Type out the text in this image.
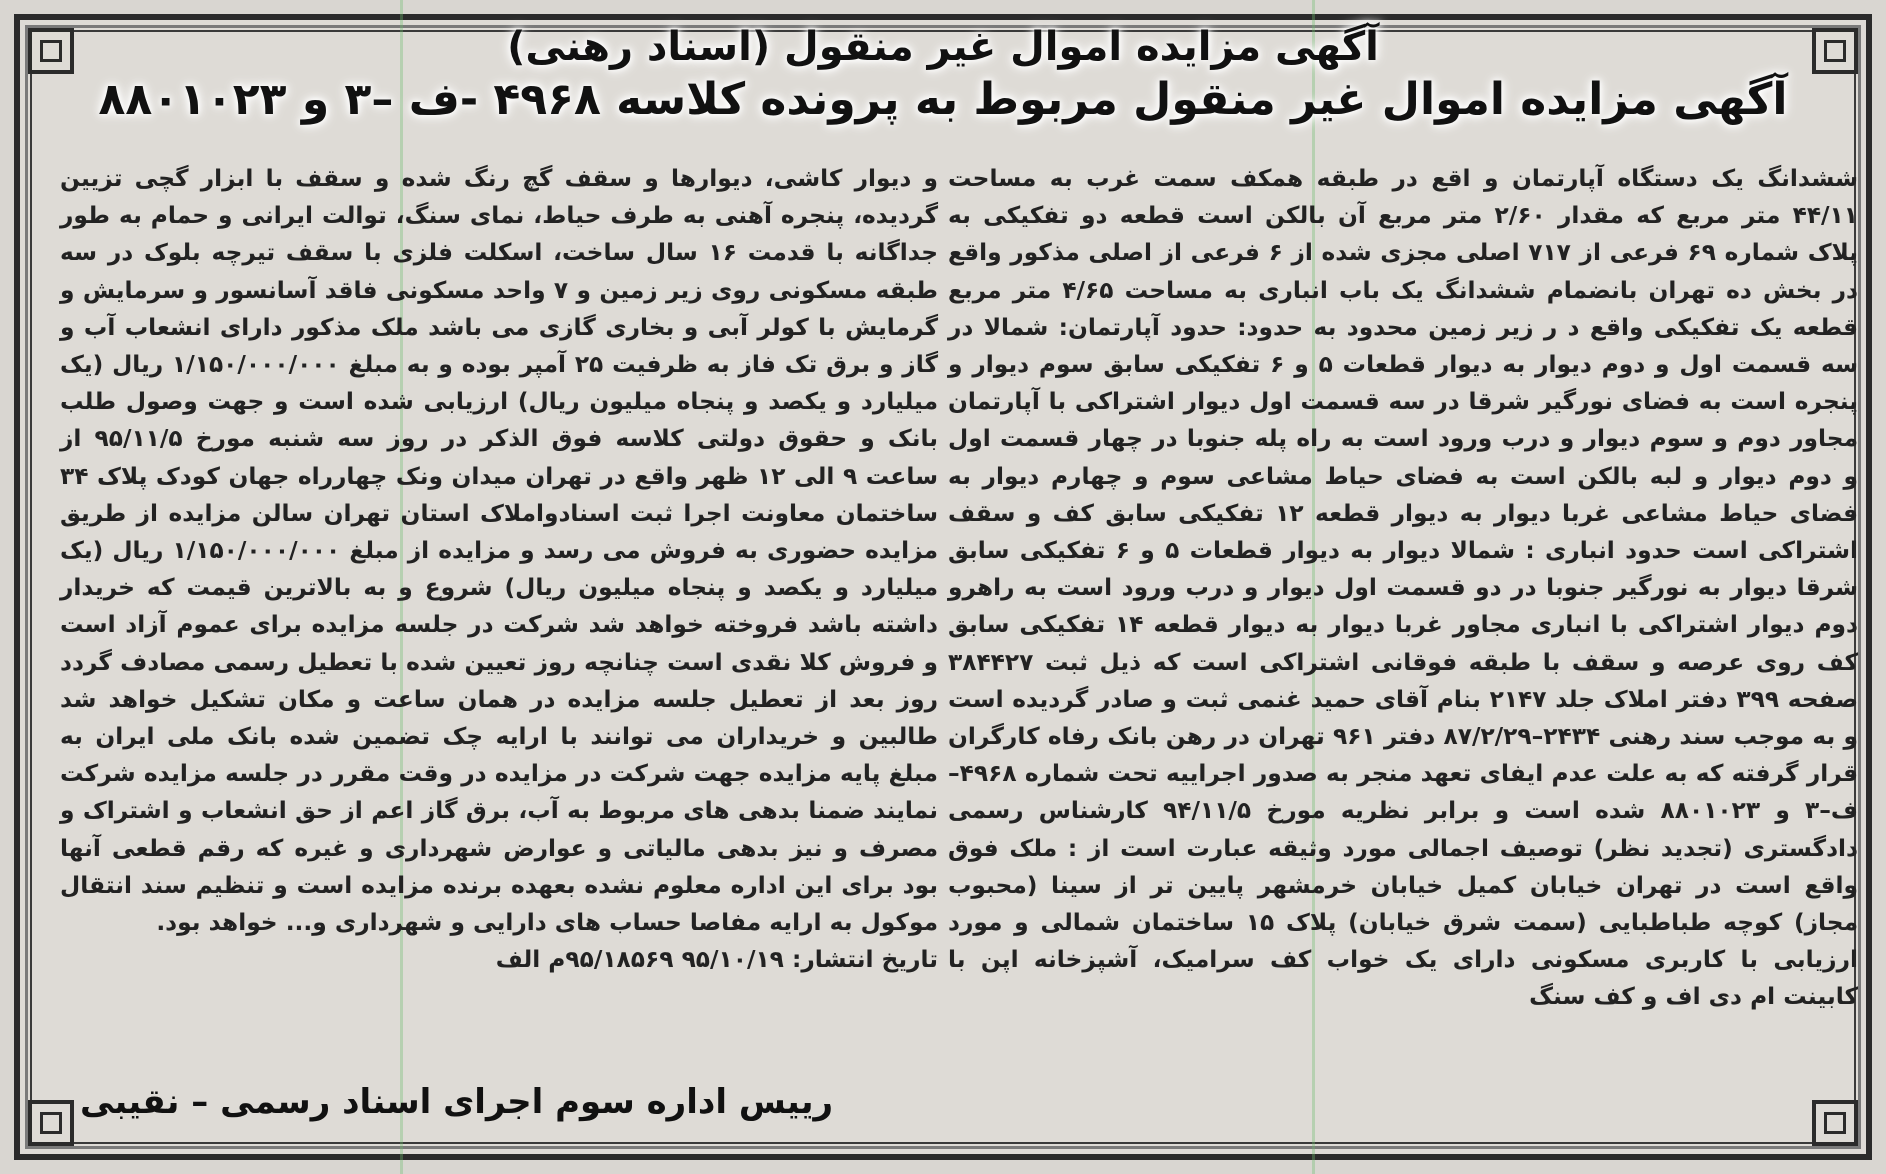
آگهی مزایده اموال غیر منقول (اسناد رهنی)
آگهی مزایده اموال غیر منقول مربوط به پرونده کلاسه ۴۹۶۸ -ف –۳ و ۸۸۰۱۰۲۳

ششدانگ یک دستگاه آپارتمان و اقع در طبقه همکف سمت غرب به مساحت ۴۴/۱۱ متر مربع که مقدار ۲/۶۰ متر مربع آن بالکن است قطعه دو تفکیکی به پلاک شماره ۶۹ فرعی از ۷۱۷ اصلی مجزی شده از ۶ فرعی از اصلی مذکور واقع در بخش ده تهران بانضمام ششدانگ یک باب انباری به مساحت ۴/۶۵ متر مربع قطعه یک تفکیکی واقع د ر زیر زمین محدود به حدود: حدود آپارتمان: شمالا در سه قسمت اول و دوم دیوار به دیوار قطعات ۵ و ۶ تفکیکی سابق سوم دیوار و پنجره است به فضای نورگیر شرقا در سه قسمت اول دیوار اشتراکی با آپارتمان مجاور دوم و سوم دیوار و درب ورود است به راه پله جنوبا در چهار قسمت اول و دوم دیوار و لبه بالکن است به فضای حیاط مشاعی سوم و چهارم دیوار به فضای حیاط مشاعی غربا دیوار به دیوار قطعه ۱۲ تفکیکی سابق کف و سقف اشتراکی است حدود انباری : شمالا دیوار به دیوار قطعات ۵ و ۶ تفکیکی سابق شرقا دیوار به نورگیر جنوبا در دو قسمت اول دیوار و درب ورود است به راهرو دوم دیوار اشتراکی با انباری مجاور غربا دیوار به دیوار قطعه ۱۴ تفکیکی سابق کف روی عرصه و سقف با طبقه فوقانی اشتراکی است که ذیل ثبت ۳۸۴۴۲۷ صفحه ۳۹۹ دفتر املاک جلد ۲۱۴۷ بنام آقای حمید غنمی ثبت و صادر گردیده است و به موجب سند رهنی ۲۴۳۴–۸۷/۲/۲۹ دفتر ۹۶۱ تهران در رهن بانک رفاه کارگران قرار گرفته که به علت عدم ایفای تعهد منجر به صدور اجراییه تحت شماره ۴۹۶۸–ف–۳ و ۸۸۰۱۰۲۳ شده است و برابر نظریه مورخ ۹۴/۱۱/۵ کارشناس رسمی دادگستری (تجدید نظر) توصیف اجمالی مورد وثیقه عبارت است از : ملک فوق واقع است در تهران خیابان کمیل خیابان خرمشهر پایین تر از سینا (محبوب مجاز) کوچه طباطبایی (سمت شرق خیابان) پلاک ۱۵ ساختمان شمالی و مورد ارزیابی با کاربری مسکونی دارای یک خواب کف سرامیک، آشپزخانه اپن با کابینت ام دی اف و کف سنگ

و دیوار کاشی، دیوارها و سقف گچ رنگ شده و سقف با ابزار گچی تزیین گردیده، پنجره آهنی به طرف حیاط، نمای سنگ، توالت ایرانی و حمام به طور جداگانه با قدمت ۱۶ سال ساخت، اسکلت فلزی با سقف تیرچه بلوک در سه طبقه مسکونی روی زیر زمین و ۷ واحد مسکونی فاقد آسانسور و سرمایش و گرمایش با کولر آبی و بخاری گازی می باشد ملک مذکور دارای انشعاب آب و گاز و برق تک فاز به ظرفیت ۲۵ آمپر بوده و به مبلغ ۱/۱۵۰/۰۰۰/۰۰۰ ریال (یک میلیارد و یکصد و پنجاه میلیون ریال) ارزیابی شده است و جهت وصول طلب بانک و حقوق دولتی کلاسه فوق الذکر در روز سه شنبه مورخ ۹۵/۱۱/۵ از ساعت ۹ الی ۱۲ ظهر واقع در تهران میدان ونک چهارراه جهان کودک پلاک ۳۴ ساختمان معاونت اجرا ثبت اسنادواملاک استان تهران سالن مزایده از طریق مزایده حضوری به فروش می رسد و مزایده از مبلغ ۱/۱۵۰/۰۰۰/۰۰۰ ریال (یک میلیارد و یکصد و پنجاه میلیون ریال) شروع و به بالاترین قیمت که خریدار داشته باشد فروخته خواهد شد شرکت در جلسه مزایده برای عموم آزاد است و فروش کلا نقدی است چنانچه روز تعیین شده با تعطیل رسمی مصادف گردد روز بعد از تعطیل جلسه مزایده در همان ساعت و مکان تشکیل خواهد شد طالبین و خریداران می توانند با ارایه چک تضمین شده بانک ملی ایران به مبلغ پایه مزایده جهت شرکت در مزایده در وقت مقرر در جلسه مزایده شرکت نمایند ضمنا بدهی های مربوط به آب، برق گاز اعم از حق انشعاب و اشتراک و مصرف و نیز بدهی مالیاتی و عوارض شهرداری و غیره که رقم قطعی آنها بود برای این اداره معلوم نشده بعهده برنده مزایده است و تنظیم سند انتقال موکول به ارایه مفاصا حساب های دارایی و شهرداری و... خواهد بود.

تاریخ انتشار: ۹۵/۱۰/۱۹ ۹۵/۱۸۵۶۹م الف

رییس اداره سوم اجرای اسناد رسمی – نقیبی
